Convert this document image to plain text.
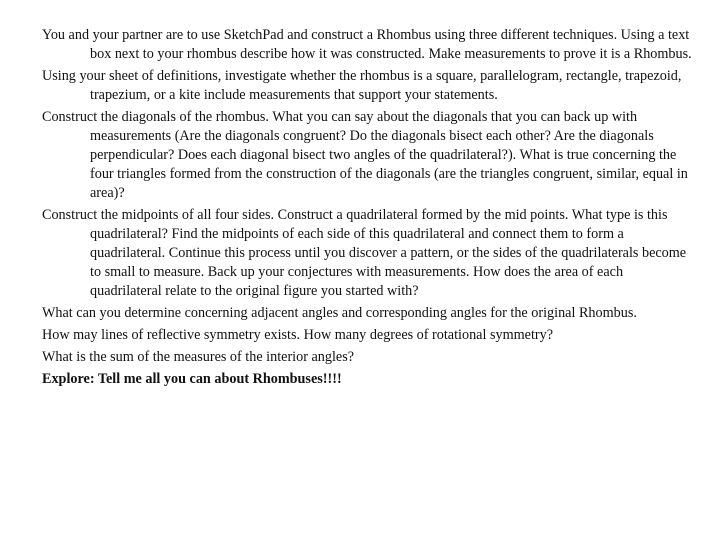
You and your partner are to use SketchPad and construct a Rhombus using three different techniques. Using a text box next to your rhombus describe how it was constructed. Make measurements to prove it is a Rhombus.

Using your sheet of definitions, investigate whether the rhombus is a square, parallelogram, rectangle, trapezoid, trapezium, or a kite include measurements that support your statements.

Construct the diagonals of the rhombus. What you can say about the diagonals that you can back up with measurements (Are the diagonals congruent? Do the diagonals bisect each other? Are the diagonals perpendicular? Does each diagonal bisect two angles of the quadrilateral?). What is true concerning the four triangles formed from the construction of the diagonals (are the triangles congruent, similar, equal in area)?

Construct the midpoints of all four sides. Construct a quadrilateral formed by the mid points. What type is this quadrilateral? Find the midpoints of each side of this quadrilateral and connect them to form a quadrilateral. Continue this process until you discover a pattern, or the sides of the quadrilaterals become to small to measure. Back up your conjectures with measurements. How does the area of each quadrilateral relate to the original figure you started with?

What can you determine concerning adjacent angles and corresponding angles for the original Rhombus.

How may lines of reflective symmetry exists. How many degrees of rotational symmetry?

What is the sum of the measures of the interior angles?

Explore: Tell me all you can about Rhombuses!!!!
